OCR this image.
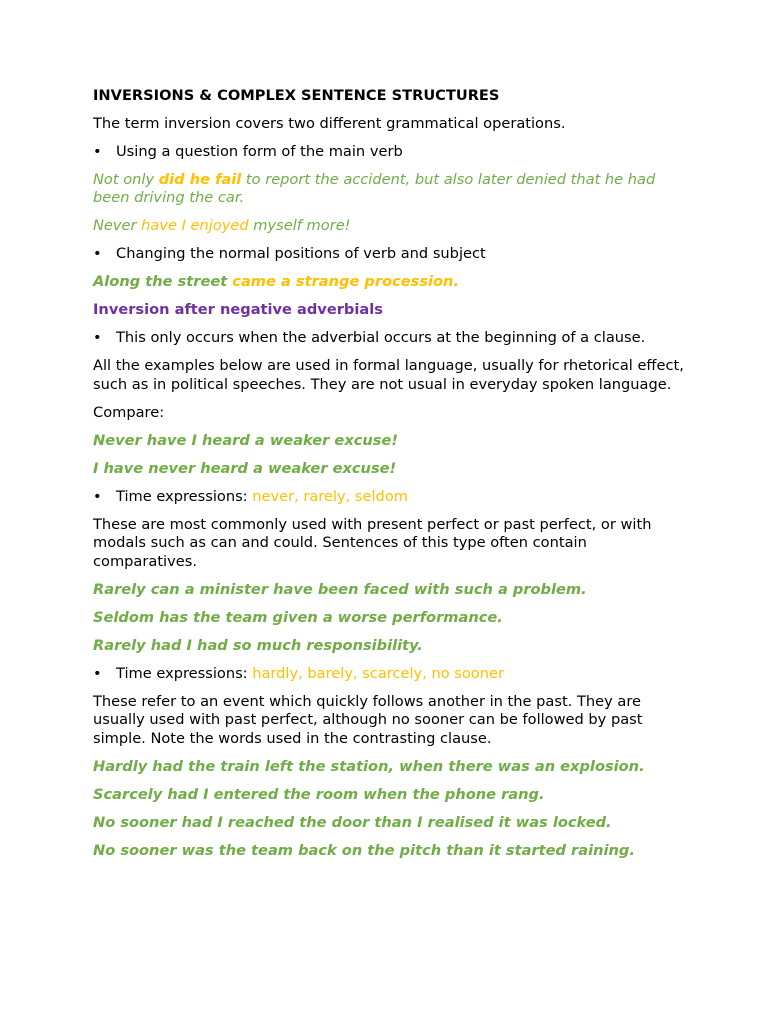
INVERSIONS & COMPLEX SENTENCE STRUCTURES

The term inversion covers two different grammatical operations.

• Using a question form of the main verb

Not only did he fail to report the accident, but also later denied that he had been driving the car.

Never have I enjoyed myself more!

• Changing the normal positions of verb and subject

Along the street came a strange procession.

Inversion after negative adverbials

• This only occurs when the adverbial occurs at the beginning of a clause.

All the examples below are used in formal language, usually for rhetorical effect, such as in political speeches. They are not usual in everyday spoken language.

Compare:

Never have I heard a weaker excuse!

I have never heard a weaker excuse!

• Time expressions: never, rarely, seldom

These are most commonly used with present perfect or past perfect, or with modals such as can and could. Sentences of this type often contain comparatives.

Rarely can a minister have been faced with such a problem.

Seldom has the team given a worse performance.

Rarely had I had so much responsibility.

• Time expressions: hardly, barely, scarcely, no sooner

These refer to an event which quickly follows another in the past. They are usually used with past perfect, although no sooner can be followed by past simple. Note the words used in the contrasting clause.

Hardly had the train left the station, when there was an explosion.

Scarcely had I entered the room when the phone rang.

No sooner had I reached the door than I realised it was locked.

No sooner was the team back on the pitch than it started raining.
